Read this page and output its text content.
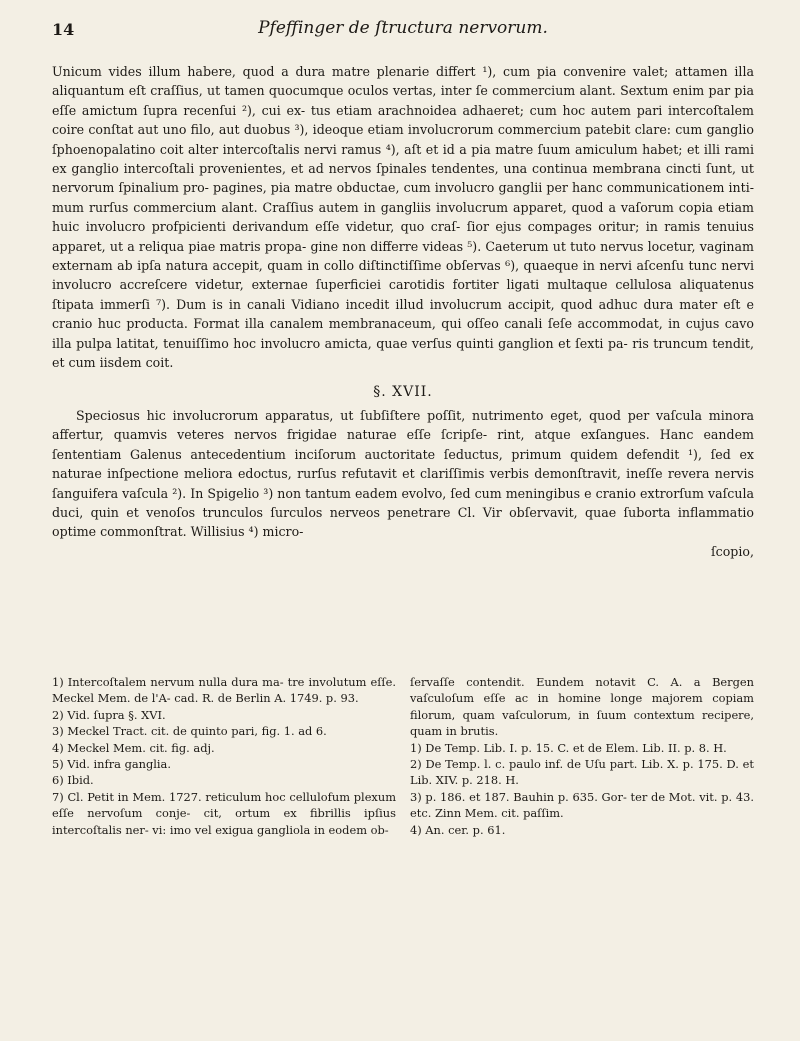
14	Pfeffinger de ſtructura nervorum.

Unicum vides illum habere, quod a dura matre plenarie differt ¹), cum pia convenire valet; attamen illa aliquantum eſt craſſius, ut tamen quocumque oculos vertas, inter ſe commercium alant. Sextum enim par pia eſſe amictum ſupra recenſui ²), cui ex- tus etiam arachnoidea adhaeret; cum hoc autem pari intercoſtalem coire conſtat aut uno filo, aut duobus ³), ideoque etiam involucrorum commercium patebit clare: cum ganglio ſphoenopalatino coit alter intercoſtalis nervi ramus ⁴), aſt et id a pia matre ſuum amiculum habet; et illi rami ex ganglio intercoſtali provenientes, et ad nervos ſpinales tendentes, una continua membrana cincti ſunt, ut nervorum ſpinalium pro- pagines, pia matre obductae, cum involucro ganglii per hanc communicationem inti- mum rurſus commercium alant. Craſſius autem in gangliis involucrum apparet, quod a vaſorum copia etiam huic involucro profpicienti derivandum eſſe videtur, quo craſ- ſior ejus compages oritur; in ramis tenuius apparet, ut a reliqua piae matris propa- gine non differre videas ⁵). Caeterum ut tuto nervus locetur, vaginam externam ab ipſa natura accepit, quam in collo diſtinctiſſime obſervas ⁶), quaeque in nervi aſcenſu tunc nervi involucro accreſcere videtur, externae ſuperficiei carotidis fortiter ligati multaque cellulosa aliquatenus ſtipata immerſi ⁷). Dum is in canali Vidiano incedit illud involucrum accipit, quod adhuc dura mater eſt e cranio huc producta. Format illa canalem membranaceum, qui oſſeo canali ſeſe accommodat, in cujus cavo illa pulpa latitat, tenuiſſimo hoc involucro amicta, quae verſus quinti ganglion et ſexti pa- ris truncum tendit, et cum iisdem coit.

§. XVII.

Speciosus hic involucrorum apparatus, ut ſubſiſtere poſſit, nutrimento eget, quod per vaſcula minora affertur, quamvis veteres nervos frigidae naturae eſſe ſcripſe- rint, atque exſangues. Hanc eandem ſententiam Galenus antecedentium inciſorum auctoritate ſeductus, primum quidem defendit ¹), ſed ex naturae inſpectione meliora edoctus, rurſus refutavit et clariſſimis verbis demonſtravit, ineſſe revera nervis ſanguifera vaſcula ²). In Spigelio ³) non tantum eadem evolvo, ſed cum meningibus e cranio extrorſum vaſcula duci, quin et venoſos trunculos ſurculos nerveos penetrare Cl. Vir obſervavit, quae ſuborta inflammatio optime commonſtrat. Willisius ⁴) micro-

ſcopio,

1) Intercoſtalem nervum nulla dura ma- tre involutum eſſe. Meckel Mem. de l'A- cad. R. de Berlin A. 1749. p. 93.

2) Vid. ſupra §. XVI.

3) Meckel Tract. cit. de quinto pari, fig. 1. ad 6.

4) Meckel Mem. cit. fig. adj.

5) Vid. infra ganglia.

6) Ibid.

7) Cl. Petit in Mem. 1727. reticulum hoc cellulofum plexum eſſe nervoſum conje- cit, ortum ex fibrillis ipſius intercoſtalis ner- vi: imo vel exigua gangliola in eodem ob-

ſervaſſe contendit. Eundem notavit C. A. a Bergen vaſculoſum eſſe ac in homine longe majorem copiam filorum, quam vaſculorum, in ſuum contextum recipere, quam in brutis.

1) De Temp. Lib. I. p. 15. C. et de Elem. Lib. II. p. 8. H.

2) De Temp. l. c. paulo inf. de Uſu part. Lib. X. p. 175. D. et Lib. XIV. p. 218. H.

3) p. 186. et 187. Bauhin p. 635. Gor- ter de Mot. vit. p. 43. etc. Zinn Mem. cit. paſſim.

4) An. cer. p. 61.
